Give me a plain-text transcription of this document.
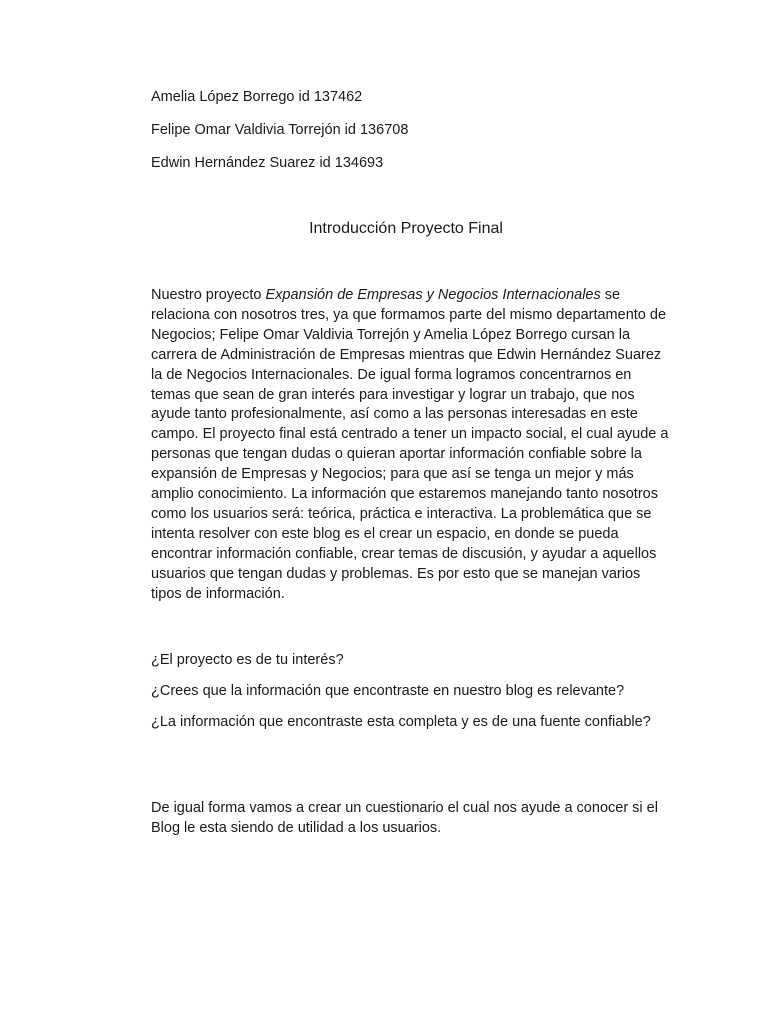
Amelia López Borrego id 137462

Felipe Omar Valdivia Torrejón id 136708

Edwin Hernández Suarez id 134693

Introducción Proyecto Final

Nuestro proyecto Expansión de Empresas y Negocios Internacionales se relaciona con nosotros tres, ya que formamos parte del mismo departamento de Negocios; Felipe Omar Valdivia Torrejón y Amelia López Borrego cursan la carrera de Administración de Empresas mientras que Edwin Hernández Suarez la de Negocios Internacionales. De igual forma logramos concentrarnos en temas que sean de gran interés para investigar y lograr un trabajo, que nos ayude tanto profesionalmente, así como a las personas interesadas en este campo. El proyecto final está centrado a tener un impacto social, el cual ayude a personas que tengan dudas o quieran aportar información confiable sobre la expansión de Empresas y Negocios; para que así se tenga un mejor y más amplio conocimiento. La información que estaremos manejando tanto nosotros como los usuarios será: teórica, práctica e interactiva. La problemática que se intenta resolver con este blog es el crear un espacio, en donde se pueda encontrar información confiable, crear temas de discusión, y ayudar a aquellos usuarios que tengan dudas y problemas. Es por esto que se manejan varios tipos de información.

¿El proyecto es de tu interés?

¿Crees que la información que encontraste en nuestro blog es relevante?

¿La información que encontraste esta completa y es de una fuente confiable?

De igual forma vamos a crear un cuestionario el cual nos ayude a conocer si el Blog le esta siendo de utilidad a los usuarios.
